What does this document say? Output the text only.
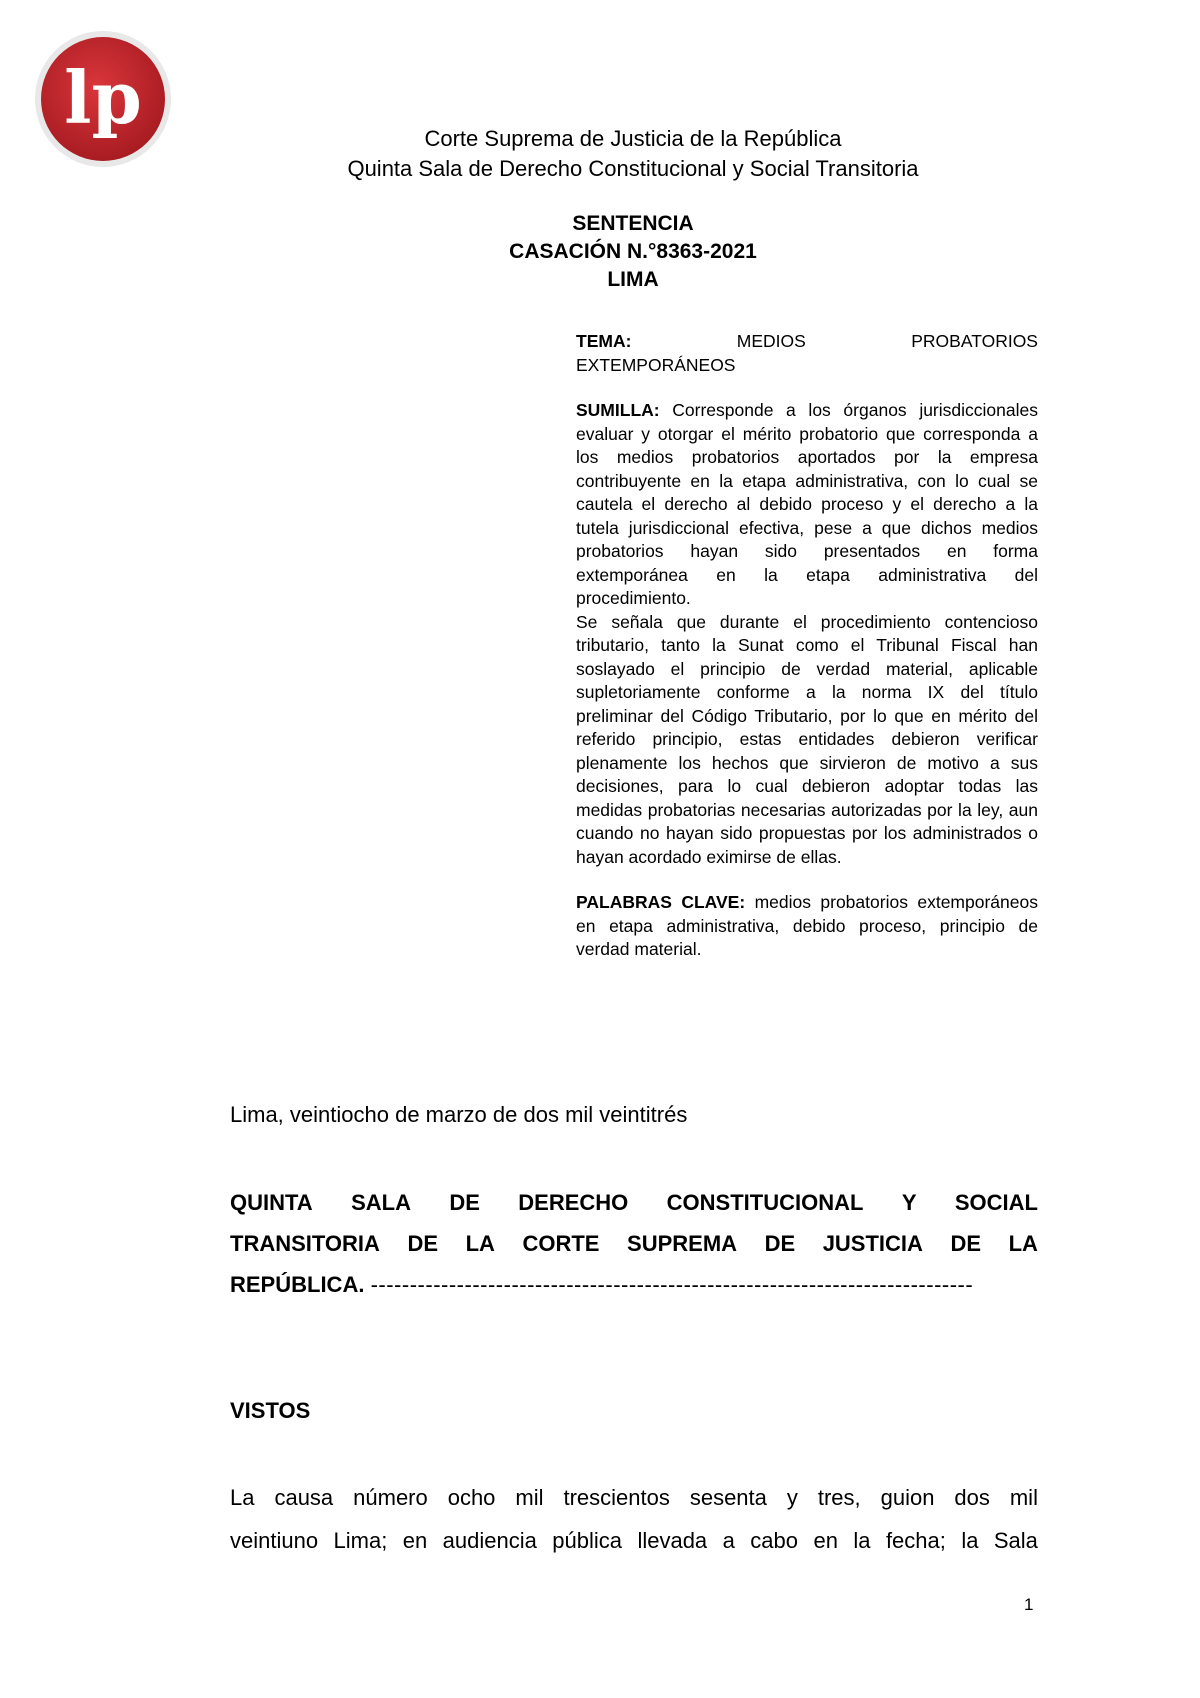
lp	Corte Suprema de Justicia de la República
Quinta Sala de Derecho Constitucional y Social Transitoria
SENTENCIA
CASACIÓN N.°8363-2021
LIMA
TEMA:	MEDIOS	PROBATORIOS
EXTEMPORÁNEOS

SUMILLA: Corresponde a los órganos jurisdiccionales evaluar y otorgar el mérito probatorio que corresponda a los medios probatorios aportados por la empresa contribuyente en la etapa administrativa, con lo cual se cautela el derecho al debido proceso y el derecho a la tutela jurisdiccional efectiva, pese a que dichos medios probatorios hayan sido presentados en forma extemporánea en la etapa administrativa del procedimiento.

Se señala que durante el procedimiento contencioso tributario, tanto la Sunat como el Tribunal Fiscal han soslayado el principio de verdad material, aplicable supletoriamente conforme a la norma IX del título preliminar del Código Tributario, por lo que en mérito del referido principio, estas entidades debieron verificar plenamente los hechos que sirvieron de motivo a sus decisiones, para lo cual debieron adoptar todas las medidas probatorias necesarias autorizadas por la ley, aun cuando no hayan sido propuestas por los administrados o hayan acordado eximirse de ellas.

PALABRAS CLAVE: medios probatorios extemporáneos en etapa administrativa, debido proceso, principio de verdad material.

Lima, veintiocho de marzo de dos mil veintitrés
QUINTA SALA DE DERECHO CONSTITUCIONAL Y SOCIAL
TRANSITORIA DE LA CORTE SUPREMA DE JUSTICIA DE LA
REPÚBLICA. -----------------------------------------------------------------------------
VISTOS
La causa número ocho mil trescientos sesenta y tres, guion dos mil
veintiuno Lima; en audiencia pública llevada a cabo en la fecha; la Sala
1
